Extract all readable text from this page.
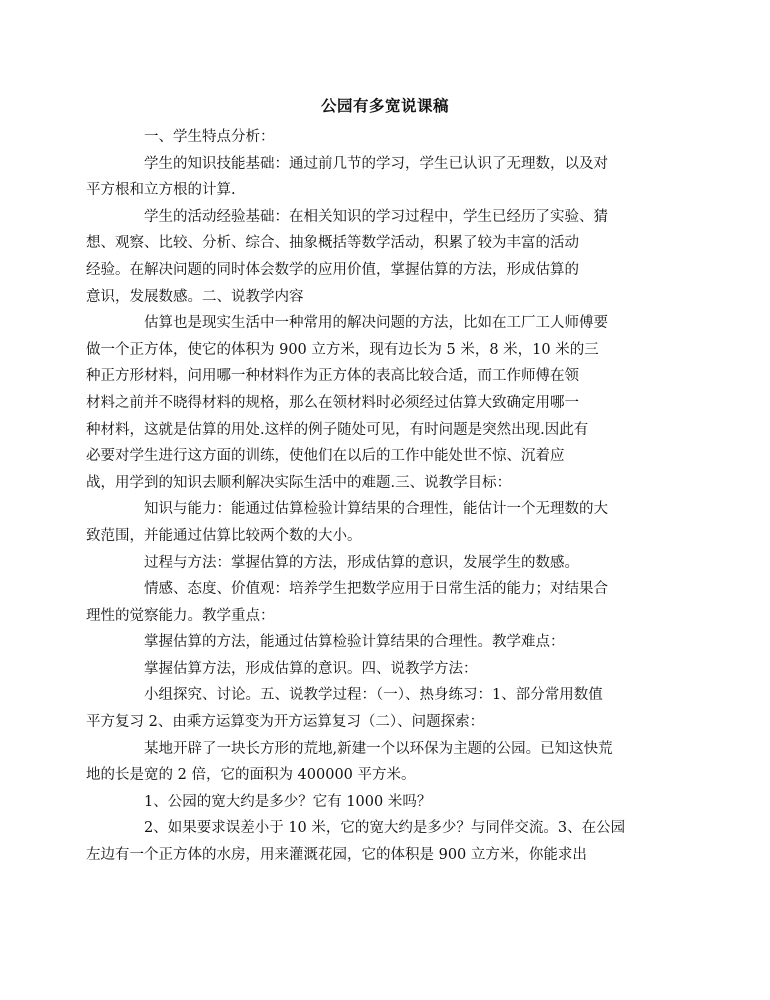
公园有多宽说课稿

一、学生特点分析：

学生的知识技能基础：通过前几节的学习，学生已认识了无理数，以及对
平方根和立方根的计算.

学生的活动经验基础：在相关知识的学习过程中，学生已经历了实验、猜
想、观察、比较、分析、综合、抽象概括等数学活动，积累了较为丰富的活动
经验。在解决问题的同时体会数学的应用价值，掌握估算的方法，形成估算的
意识，发展数感。二、说教学内容

估算也是现实生活中一种常用的解决问题的方法，比如在工厂工人师傅要
做一个正方体，使它的体积为 900 立方米，现有边长为 5 米，8 米，10 米的三
种正方形材料，问用哪一种材料作为正方体的表高比较合适，而工作师傅在领
材料之前并不晓得材料的规格，那么在领材料时必须经过估算大致确定用哪一
种材料，这就是估算的用处.这样的例子随处可见，有时问题是突然出现.因此有
必要对学生进行这方面的训练，使他们在以后的工作中能处世不惊、沉着应
战，用学到的知识去顺利解决实际生活中的难题.三、说教学目标：

知识与能力：能通过估算检验计算结果的合理性，能估计一个无理数的大
致范围，并能通过估算比较两个数的大小。

过程与方法：掌握估算的方法，形成估算的意识，发展学生的数感。

情感、态度、价值观：培养学生把数学应用于日常生活的能力；对结果合
理性的觉察能力。教学重点：

掌握估算的方法，能通过估算检验计算结果的合理性。教学难点：

掌握估算方法，形成估算的意识。四、说教学方法：

小组探究、讨论。五、说教学过程：（一）、热身练习：1、部分常用数值
平方复习 2、由乘方运算变为开方运算复习（二）、问题探索：

某地开辟了一块长方形的荒地,新建一个以环保为主题的公园。已知这快荒
地的长是宽的 2 倍，它的面积为 400000 平方米。

1、公园的宽大约是多少？它有 1000 米吗？

2、如果要求误差小于 10 米，它的宽大约是多少？与同伴交流。3、在公园
左边有一个正方体的水房，用来灌溉花园，它的体积是 900 立方米，你能求出
